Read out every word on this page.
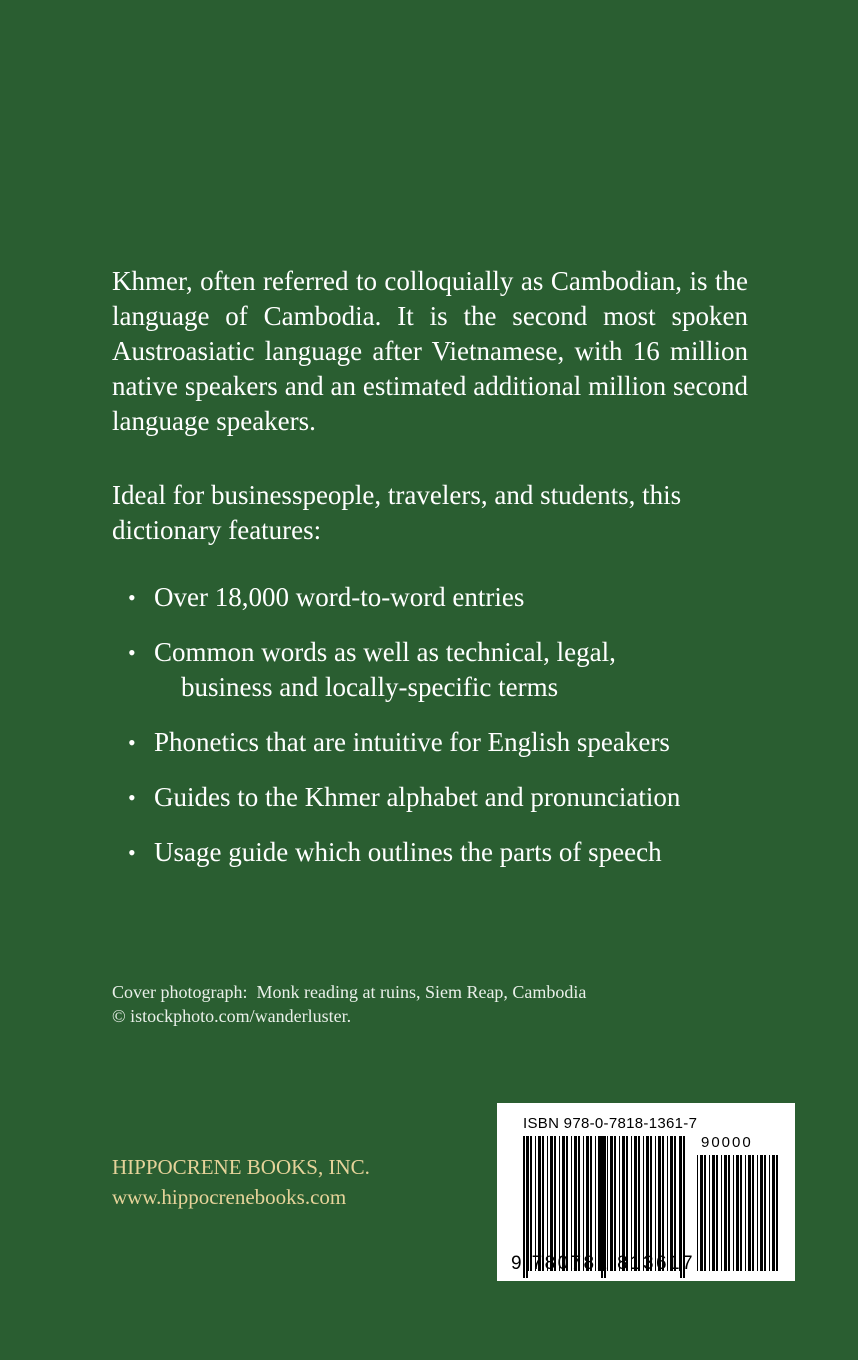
Khmer, often referred to colloquially as Cambodian, is the language of Cambodia. It is the second most spoken Austroasiatic language after Vietnamese, with 16 million native speakers and an estimated additional million second language speakers.

Ideal for businesspeople, travelers, and students, this
dictionary features:

• Over 18,000 word-to-word entries
• Common words as well as technical, legal,
business and locally-specific terms
• Phonetics that are intuitive for English speakers
• Guides to the Khmer alphabet and pronunciation
• Usage guide which outlines the parts of speech
Cover photograph:  Monk reading at ruins, Siem Reap, Cambodia
© istockphoto.com/wanderluster.
HIPPOCRENE BOOKS, INC.
www.hippocrenebooks.com
ISBN 978-0-7818-1361-7
90000
9 780781 813617
